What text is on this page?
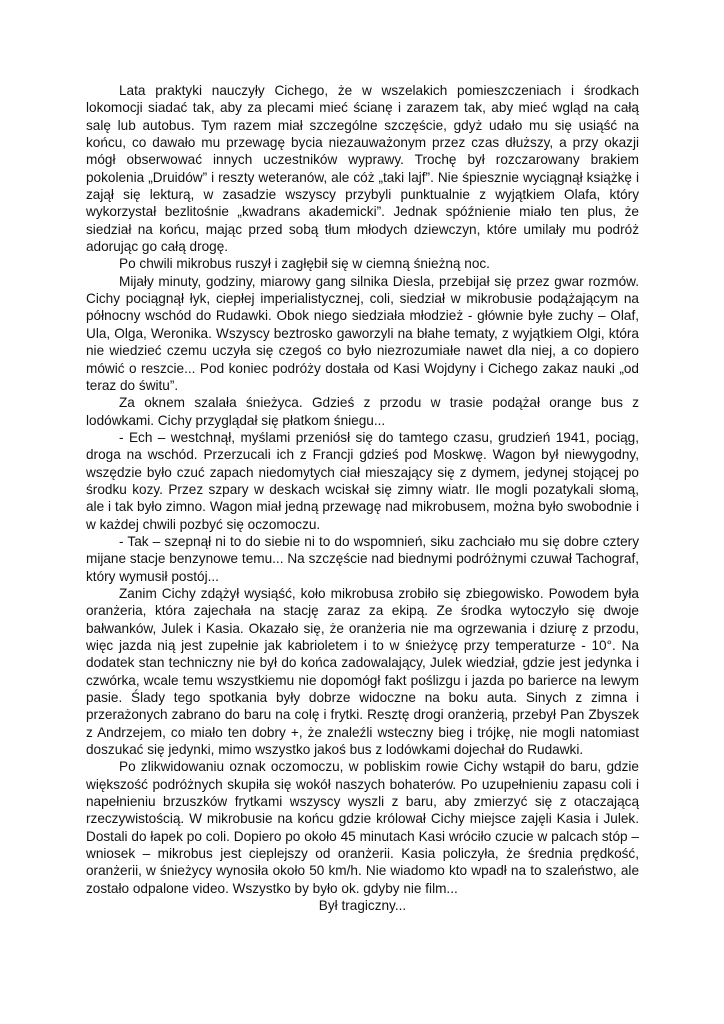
Lata praktyki nauczyły Cichego, że w wszelakich pomieszczeniach i środkach lokomocji siadać tak, aby za plecami mieć ścianę i zarazem tak, aby mieć wgląd na całą salę lub autobus. Tym razem miał szczególne szczęście, gdyż udało mu się usiąść na końcu, co dawało mu przewagę bycia niezauważonym przez czas dłuższy, a przy okazji mógł obserwować innych uczestników wyprawy. Trochę był rozczarowany brakiem pokolenia „Druidów” i reszty weteranów, ale cóż „taki lajf”. Nie śpiesznie wyciągnął książkę i zajął się lekturą, w zasadzie wszyscy przybyli punktualnie z wyjątkiem Olafa, który wykorzystał bezlitośnie „kwadrans akademicki”. Jednak spóźnienie miało ten plus, że siedział na końcu, mając przed sobą tłum młodych dziewczyn, które umilały mu podróż adorując go całą drogę.

Po chwili mikrobus ruszył i zagłębił się w ciemną śnieżną noc.

Mijały minuty, godziny, miarowy gang silnika Diesla, przebijał się przez gwar rozmów. Cichy pociągnął łyk, ciepłej imperialistycznej, coli, siedział w mikrobusie podążającym na północny wschód do Rudawki. Obok niego siedziała młodzież - głównie byłe zuchy – Olaf, Ula, Olga, Weronika. Wszyscy beztrosko gaworzyli na błahe tematy, z wyjątkiem Olgi, która nie wiedzieć czemu uczyła się czegoś co było niezrozumiałe nawet dla niej, a co dopiero mówić o reszcie... Pod koniec podróży dostała od Kasi Wojdyny i Cichego zakaz nauki „od teraz do świtu”.

Za oknem szalała śnieżyca. Gdzieś z przodu w trasie podążał orange bus z lodówkami. Cichy przyglądał się płatkom śniegu...

- Ech – westchnął, myślami przeniósł się do tamtego czasu, grudzień 1941, pociąg, droga na wschód. Przerzucali ich z Francji gdzieś pod Moskwę. Wagon był niewygodny, wszędzie było czuć zapach niedomytych ciał mieszający się z dymem, jedynej stojącej po środku kozy. Przez szpary w deskach wciskał się zimny wiatr. Ile mogli pozatykali słomą, ale i tak było zimno. Wagon miał jedną przewagę nad mikrobusem, można było swobodnie i w każdej chwili pozbyć się oczomoczu.

- Tak – szepnął ni to do siebie ni to do wspomnień, siku zachciało mu się dobre cztery mijane stacje benzynowe temu... Na szczęście nad biednymi podróżnymi czuwał Tachograf, który wymusił postój...

Zanim Cichy zdążył wysiąść, koło mikrobusa zrobiło się zbiegowisko. Powodem była oranżeria, która zajechała na stację zaraz za ekipą. Ze środka wytoczyło się dwoje bałwanków, Julek i Kasia. Okazało się, że oranżeria nie ma ogrzewania i dziurę z przodu, więc jazda nią jest zupełnie jak kabrioletem i to w śnieżycę przy temperaturze - 10°. Na dodatek stan techniczny nie był do końca zadowalający, Julek wiedział, gdzie jest jedynka i czwórka, wcale temu wszystkiemu nie dopomógł fakt poślizgu i jazda po barierce na lewym pasie. Ślady tego spotkania były dobrze widoczne na boku auta. Sinych z zimna i przerażonych zabrano do baru na colę i frytki. Resztę drogi oranżerią, przebył Pan Zbyszek z Andrzejem, co miało ten dobry +, że znaleźli wsteczny bieg i trójkę, nie mogli natomiast doszukać się jedynki, mimo wszystko jakoś bus z lodówkami dojechał do Rudawki.

Po zlikwidowaniu oznak oczomoczu, w pobliskim rowie Cichy wstąpił do baru, gdzie większość podróżnych skupiła się wokół naszych bohaterów. Po uzupełnieniu zapasu coli i napełnieniu brzuszków frytkami wszyscy wyszli z baru, aby zmierzyć się z otaczającą rzeczywistością. W mikrobusie na końcu gdzie królował Cichy miejsce zajęli Kasia i Julek. Dostali do łapek po coli. Dopiero po około 45 minutach Kasi wróciło czucie w palcach stóp – wniosek – mikrobus jest cieplejszy od oranżerii. Kasia policzyła, że średnia prędkość, oranżerii, w śnieżycy wynosiła około 50 km/h. Nie wiadomo kto wpadł na to szaleństwo, ale zostało odpalone video. Wszystko by było ok. gdyby nie film...

Był tragiczny...
